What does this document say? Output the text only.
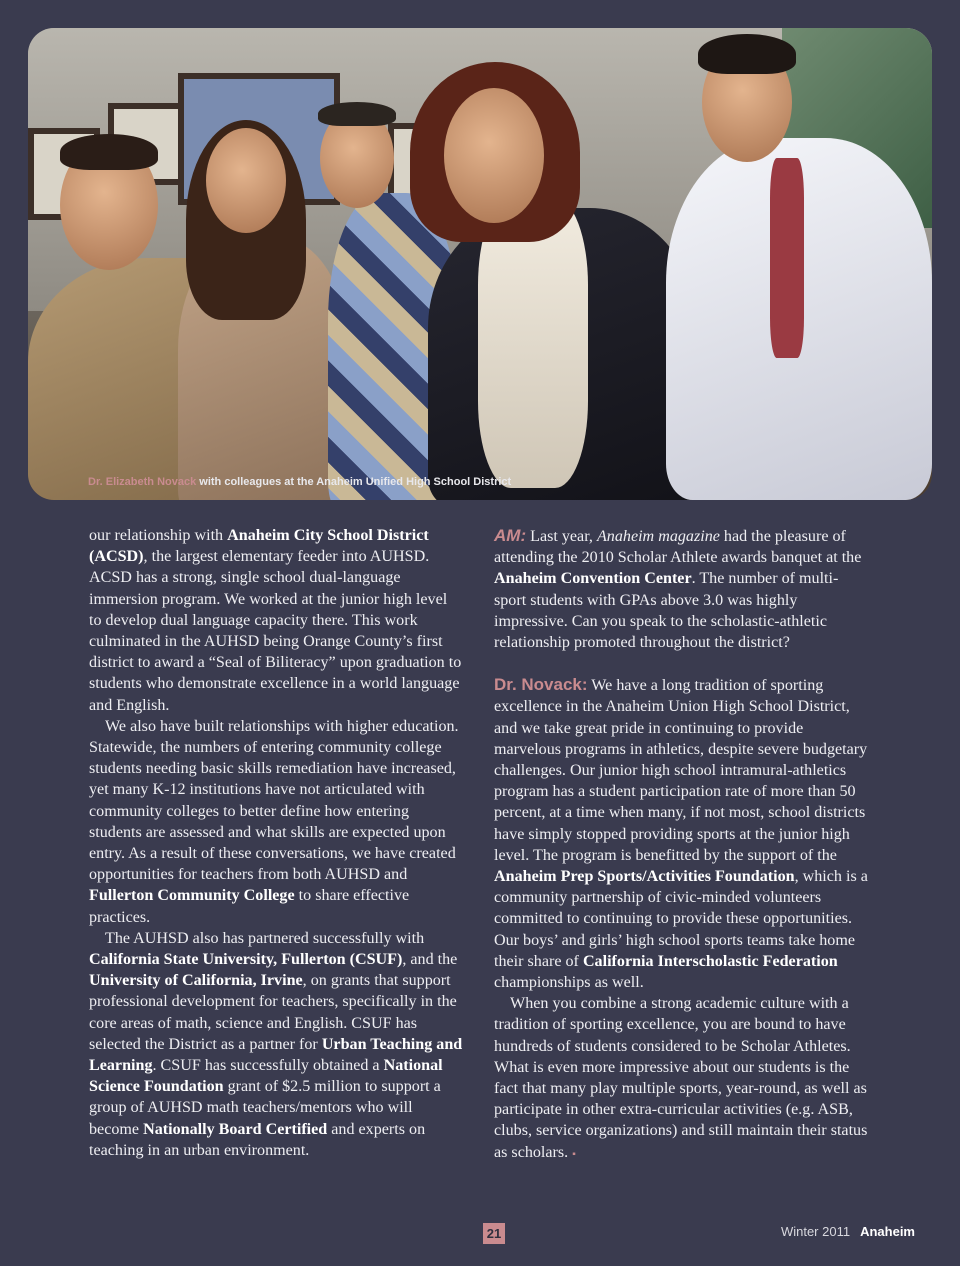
Dr. Elizabeth Novack with colleagues at the Anaheim Unified High School District

our relationship with Anaheim City School District (ACSD), the largest elementary feeder into AUHSD. ACSD has a strong, single school dual-language immersion program. We worked at the junior high level to develop dual language capacity there. This work culminated in the AUHSD being Orange County’s first district to award a “Seal of Biliteracy” upon graduation to students who demonstrate excellence in a world language and English.

We also have built relationships with higher education. Statewide, the numbers of entering community college students needing basic skills remediation have increased, yet many K-12 institutions have not articulated with community colleges to better define how entering students are assessed and what skills are expected upon entry. As a result of these conversations, we have created opportunities for teachers from both AUHSD and Fullerton Community College to share effective practices.

The AUHSD also has partnered successfully with California State University, Fullerton (CSUF), and the University of California, Irvine, on grants that support professional development for teachers, specifically in the core areas of math, science and English. CSUF has selected the District as a partner for Urban Teaching and Learning. CSUF has successfully obtained a National Science Foundation grant of $2.5 million to support a group of AUHSD math teachers/mentors who will become Nationally Board Certified and experts on teaching in an urban environment.

AM: Last year, Anaheim magazine had the pleasure of attending the 2010 Scholar Athlete awards banquet at the Anaheim Convention Center. The number of multi-sport students with GPAs above 3.0 was highly impressive. Can you speak to the scholastic-athletic relationship promoted throughout the district?

Dr. Novack: We have a long tradition of sporting excellence in the Anaheim Union High School District, and we take great pride in continuing to provide marvelous programs in athletics, despite severe budgetary challenges. Our junior high school intramural-athletics program has a student participation rate of more than 50 percent, at a time when many, if not most, school districts have simply stopped providing sports at the junior high level. The program is benefitted by the support of the Anaheim Prep Sports/Activities Foundation, which is a community partnership of civic-minded volunteers committed to continuing to provide these opportunities. Our boys’ and girls’ high school sports teams take home their share of California Interscholastic Federation championships as well.

When you combine a strong academic culture with a tradition of sporting excellence, you are bound to have hundreds of students considered to be Scholar Athletes. What is even more impressive about our students is the fact that many play multiple sports, year-round, as well as participate in other extra-curricular activities (e.g. ASB, clubs, service organizations) and still maintain their status as scholars. ▪

21	Winter 2011 Anaheim
